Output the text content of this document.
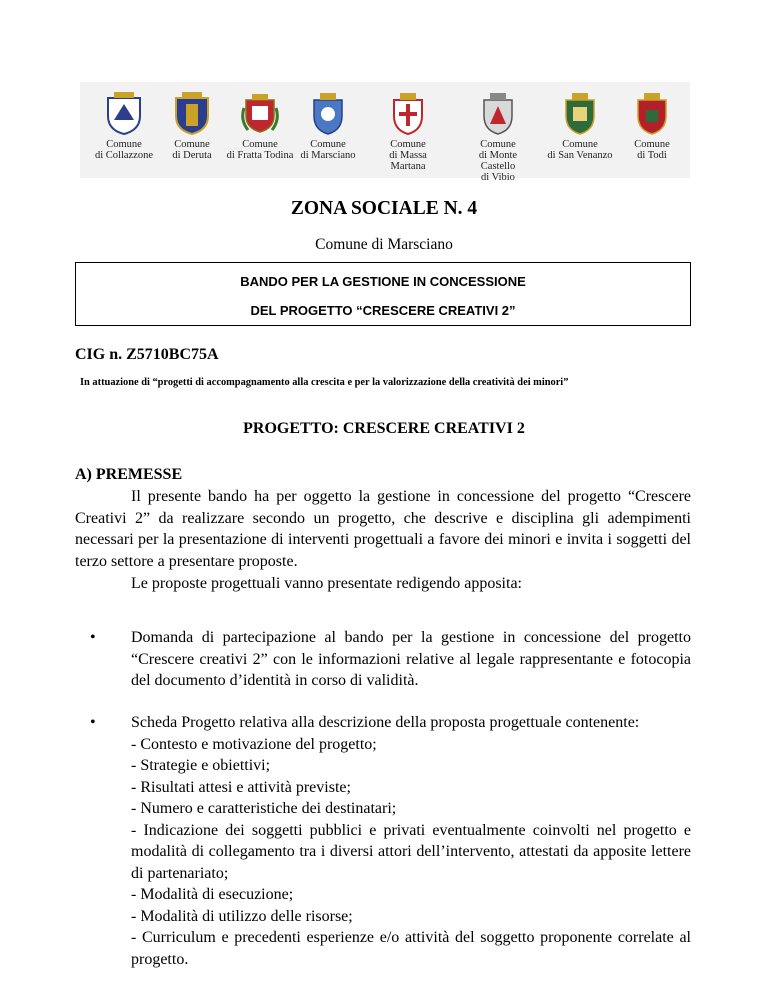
Comune
di Collazzone
Comune
di Deruta
Comune
di Fratta Todina
Comune
di Marsciano
Comune
di Massa Martana
Comune
di Monte Castello
di Vibio
Comune
di San Venanzo
Comune
di Todi
ZONA SOCIALE N. 4
Comune di Marsciano
BANDO PER LA GESTIONE IN CONCESSIONE
DEL PROGETTO “CRESCERE CREATIVI 2”
CIG n. Z5710BC75A
In attuazione di “progetti di accompagnamento alla crescita e per la valorizzazione della creatività dei minori”
PROGETTO: CRESCERE CREATIVI 2
A) PREMESSE
Il presente bando ha per oggetto la gestione in concessione del progetto “Crescere Creativi 2” da realizzare secondo un progetto, che descrive e disciplina gli adempimenti necessari per la presentazione di interventi progettuali a favore dei minori e invita i soggetti del terzo settore a presentare proposte.
Le proposte progettuali vanno presentate redigendo apposita:
•	Domanda di partecipazione al bando per la gestione in concessione del progetto “Crescere creativi 2” con le informazioni relative al legale rappresentante e fotocopia del documento d’identità in corso di validità.
•	Scheda Progetto relativa alla descrizione della proposta progettuale contenente:
- Contesto e motivazione del progetto;
- Strategie e obiettivi;
- Risultati attesi e attività previste;
- Numero e caratteristiche dei destinatari;
- Indicazione dei soggetti pubblici e privati eventualmente coinvolti nel progetto e modalità di collegamento tra i diversi attori dell’intervento, attestati da apposite lettere di partenariato;
- Modalità di esecuzione;
- Modalità di utilizzo delle risorse;
- Curriculum e precedenti esperienze e/o attività del soggetto proponente correlate al progetto.
